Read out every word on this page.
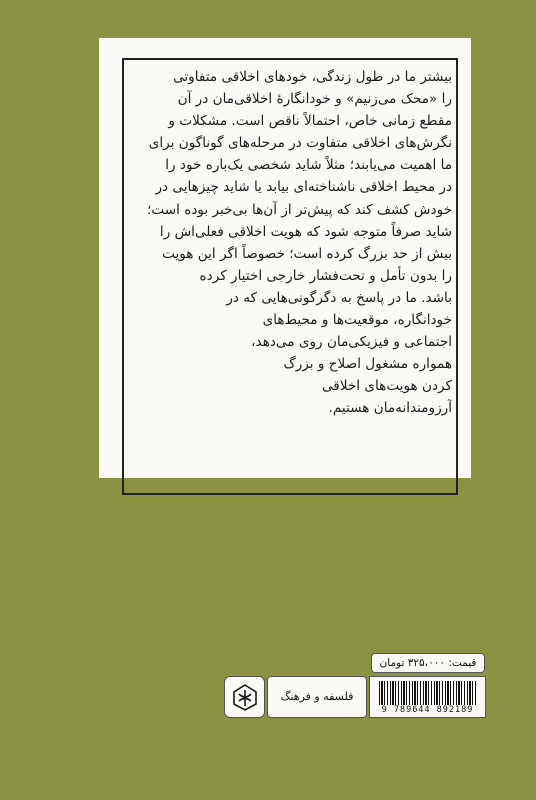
بیشتر ما در طول زندگی، خودهای اخلاقی متفاوتی
را «محک می‌زنیم» و خودانگارهٔ اخلاقی‌مان در آن
مقطع زمانی خاص، احتمالاً ناقص است. مشکلات و
نگرش‌های اخلاقی متفاوت در مرحله‌های گوناگون برای
ما اهمیت می‌یابند؛ مثلاً شاید شخصی یک‌باره خود را
در محیط اخلاقی ناشناخته‌ای بیابد یا شاید چیزهایی در
خودش کشف کند که پیش‌تر از آن‌ها بی‌خبر بوده است؛
شاید صرفاً متوجه شود که هویت اخلاقی فعلی‌اش را
بیش از حد بزرگ کرده است؛ خصوصاً اگر این هویت
را بدون تأمل و تحت‌فشار خارجی اختیار کرده
باشد. ما در پاسخ به دگرگونی‌هایی که در
خودانگاره، موقعیت‌ها و محیط‌های
اجتماعی و فیزیکی‌مان روی می‌دهد،
همواره مشغول اصلاح و بزرگ
کردن هویت‌های اخلاقی
آرزومندانه‌مان هستیم.
قیمت: ۳۲۵،۰۰۰ تومان
9 789644 892189
فلسفه و فرهنگ
